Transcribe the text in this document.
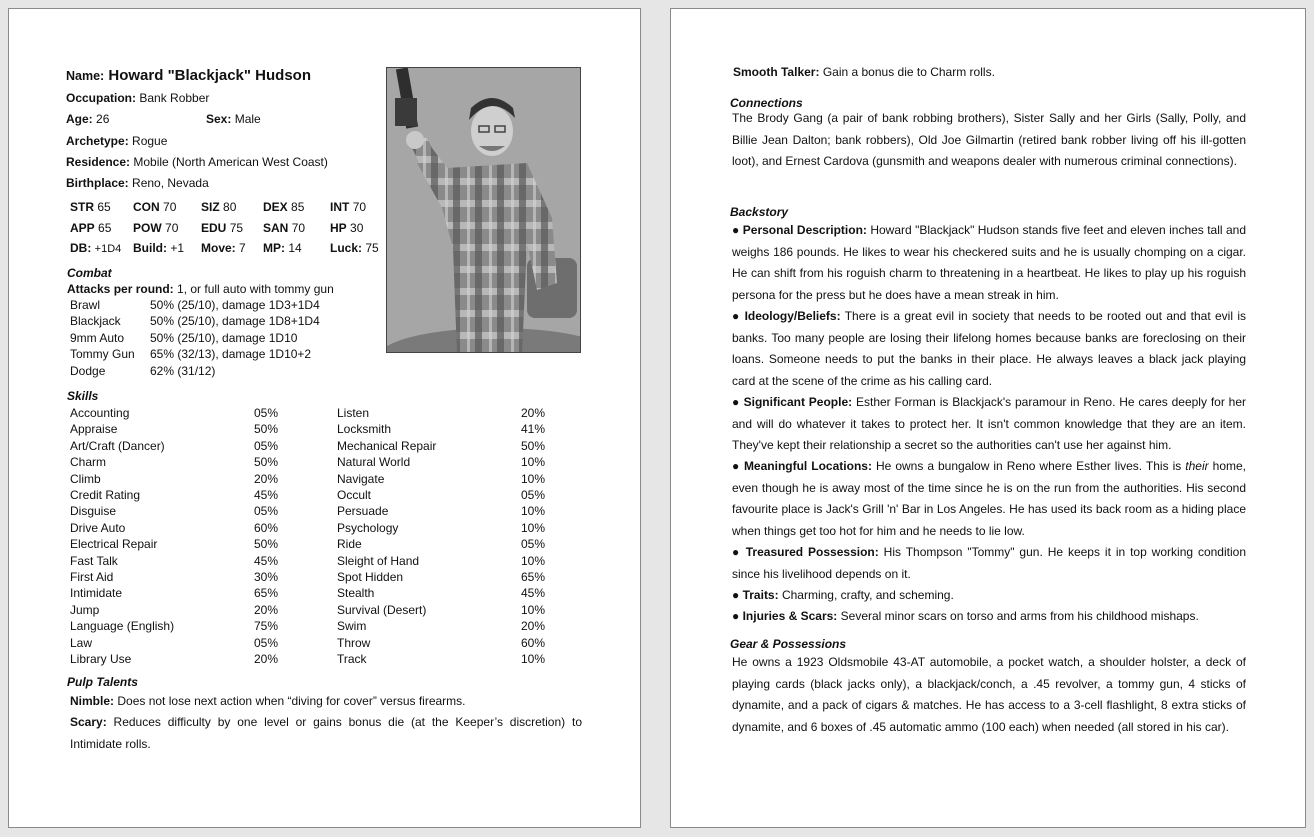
Name: Howard "Blackjack" Hudson
Occupation: Bank Robber
Age: 26	Sex: Male
Archetype: Rogue
Residence: Mobile (North American West Coast)
Birthplace: Reno, Nevada
STR 65 CON 70 SIZ 80 DEX 85 INT 70
APP 65 POW 70 EDU 75 SAN 70 HP 30
DB: +1D4 Build: +1 Move: 7 MP: 14 Luck: 75
Combat
Attacks per round: 1, or full auto with tommy gun
Brawl	50% (25/10), damage 1D3+1D4
Blackjack 50% (25/10), damage 1D8+1D4
9mm Auto 50% (25/10), damage 1D10
Tommy Gun 65% (32/13), damage 1D10+2
Dodge	62% (31/12)
Skills
Pulp Talents
Nimble: Does not lose next action when “diving for cover” versus firearms.
Scary: Reduces difficulty by one level or gains bonus die (at the Keeper’s discretion) to Intimidate rolls.
Accounting	05%
Appraise	50%
Art/Craft (Dancer)	05%
Charm	50%
Climb	20%
Credit Rating	45%
Disguise	05%
Drive Auto	60%
Electrical Repair	50%
Fast Talk	45%
First Aid	30%
Intimidate	65%
Jump	20%
Language (English)	75%
Law	05%
Library Use	20%
Listen	20%
Locksmith	41%
Mechanical Repair	50%
Natural World	10%
Navigate	10%
Occult	05%
Persuade	10%
Psychology	10%
Ride	05%
Sleight of Hand	10%
Spot Hidden	65%
Stealth	45%
Survival (Desert)	10%
Swim	20%
Throw	60%
Track	10%
Smooth Talker: Gain a bonus die to Charm rolls.
Connections
The Brody Gang (a pair of bank robbing brothers), Sister Sally and her Girls (Sally, Polly, and Billie Jean Dalton; bank robbers), Old Joe Gilmartin (retired bank robber living off his ill-gotten loot), and Ernest Cardova (gunsmith and weapons dealer with numerous criminal connections).
Backstory
● Personal Description: Howard "Blackjack" Hudson stands five feet and eleven inches tall and weighs 186 pounds. He likes to wear his checkered suits and he is usually chomping on a cigar. He can shift from his roguish charm to threatening in a heartbeat. He likes to play up his roguish persona for the press but he does have a mean streak in him.
● Ideology/Beliefs: There is a great evil in society that needs to be rooted out and that evil is banks. Too many people are losing their lifelong homes because banks are foreclosing on their loans. Someone needs to put the banks in their place. He always leaves a black jack playing card at the scene of the crime as his calling card.
● Significant People: Esther Forman is Blackjack's paramour in Reno. He cares deeply for her and will do whatever it takes to protect her. It isn't common knowledge that they are an item. They've kept their relationship a secret so the authorities can't use her against him.
● Meaningful Locations: He owns a bungalow in Reno where Esther lives. This is their home, even though he is away most of the time since he is on the run from the authorities. His second favourite place is Jack's Grill 'n' Bar in Los Angeles. He has used its back room as a hiding place when things get too hot for him and he needs to lie low.
● Treasured Possession: His Thompson "Tommy" gun. He keeps it in top working condition since his livelihood depends on it.
● Traits: Charming, crafty, and scheming.
● Injuries & Scars: Several minor scars on torso and arms from his childhood mishaps.
Gear & Possessions
He owns a 1923 Oldsmobile 43-AT automobile, a pocket watch, a shoulder holster, a deck of playing cards (black jacks only), a blackjack/conch, a .45 revolver, a tommy gun, 4 sticks of dynamite, and a pack of cigars & matches. He has access to a 3-cell flashlight, 8 extra sticks of dynamite, and 6 boxes of .45 automatic ammo (100 each) when needed (all stored in his car).
